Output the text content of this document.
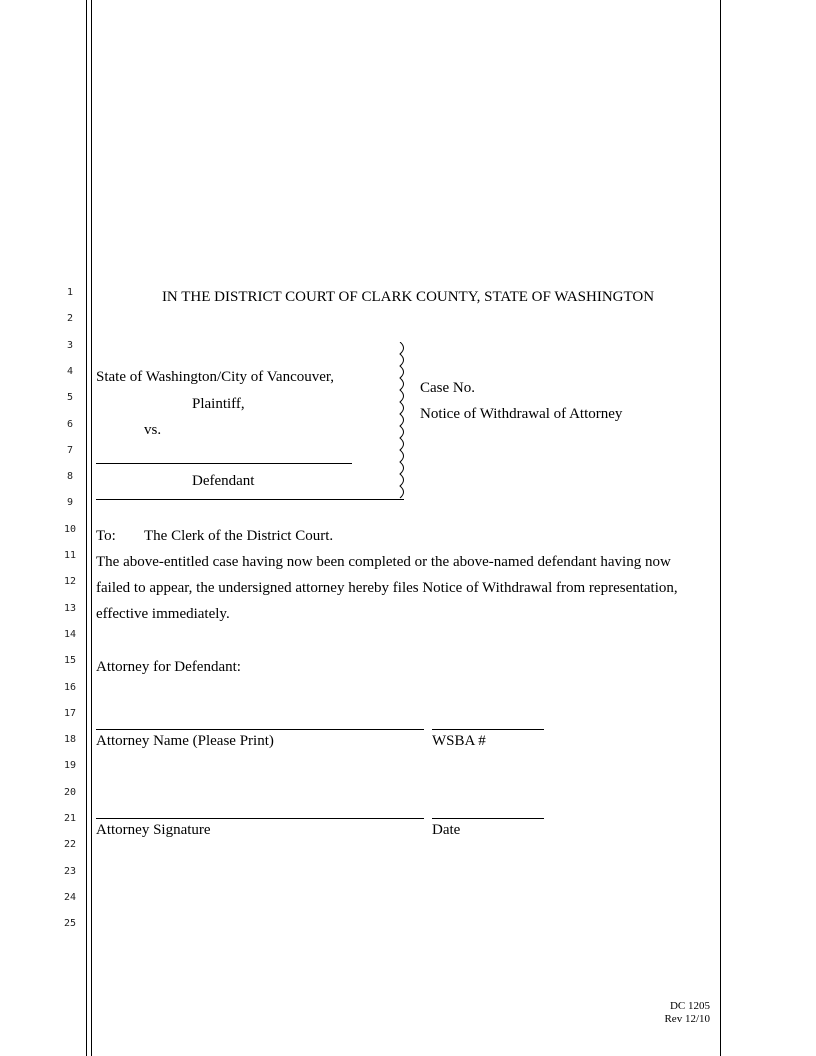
1
2
3
4
5
6
7
8
9
10
11
12
13
14
15
16
17
18
19
20
21
22
23
24
25
IN THE DISTRICT COURT OF CLARK COUNTY, STATE OF WASHINGTON
State of Washington/City of Vancouver,
Plaintiff,
vs.
Defendant
Case No.
Notice of Withdrawal of Attorney
To: The Clerk of the District Court.
The above-entitled case having now been completed or the above-named defendant having now
failed to appear, the undersigned attorney hereby files Notice of Withdrawal from representation,
effective immediately.
Attorney for Defendant:
Attorney Name (Please Print)	WSBA #
Attorney Signature	Date
DC 1205
Rev 12/10
